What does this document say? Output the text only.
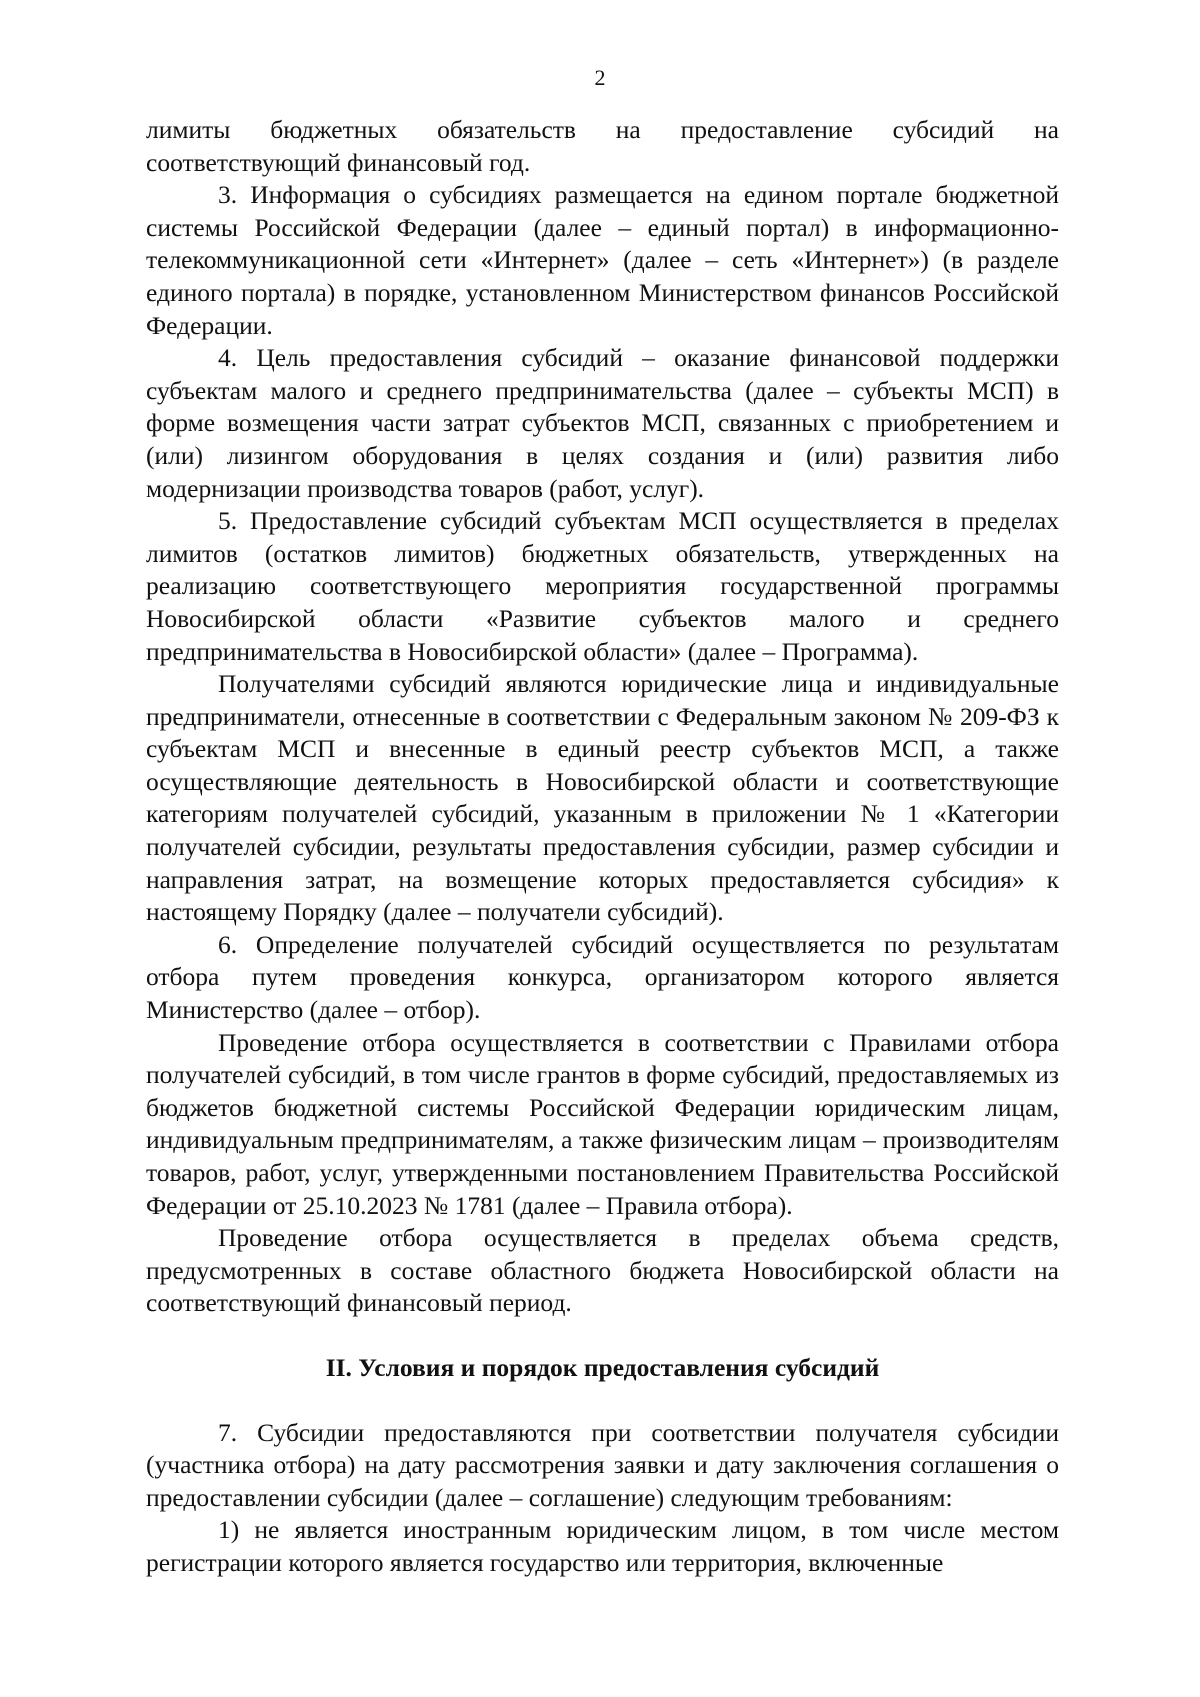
2

лимиты бюджетных обязательств на предоставление субсидий на соответствующий финансовый год.

3. Информация о субсидиях размещается на едином портале бюджетной системы Российской Федерации (далее – единый портал) в информационно-телекоммуникационной сети «Интернет» (далее – сеть «Интернет») (в разделе единого портала) в порядке, установленном Министерством финансов Российской Федерации.

4. Цель предоставления субсидий – оказание финансовой поддержки субъектам малого и среднего предпринимательства (далее – субъекты МСП) в форме возмещения части затрат субъектов МСП, связанных с приобретением и (или) лизингом оборудования в целях создания и (или) развития либо модернизации производства товаров (работ, услуг).

5. Предоставление субсидий субъектам МСП осуществляется в пределах лимитов (остатков лимитов) бюджетных обязательств, утвержденных на реализацию соответствующего мероприятия государственной программы Новосибирской области «Развитие субъектов малого и среднего предпринимательства в Новосибирской области» (далее – Программа).

Получателями субсидий являются юридические лица и индивидуальные предприниматели, отнесенные в соответствии с Федеральным законом № 209-ФЗ к субъектам МСП и внесенные в единый реестр субъектов МСП, а также осуществляющие деятельность в Новосибирской области и соответствующие категориям получателей субсидий, указанным в приложении № 1 «Категории получателей субсидии, результаты предоставления субсидии, размер субсидии и направления затрат, на возмещение которых предоставляется субсидия» к настоящему Порядку (далее – получатели субсидий).

6. Определение получателей субсидий осуществляется по результатам отбора путем проведения конкурса, организатором которого является Министерство (далее – отбор).

Проведение отбора осуществляется в соответствии с Правилами отбора получателей субсидий, в том числе грантов в форме субсидий, предоставляемых из бюджетов бюджетной системы Российской Федерации юридическим лицам, индивидуальным предпринимателям, а также физическим лицам – производителям товаров, работ, услуг, утвержденными постановлением Правительства Российской Федерации от 25.10.2023 № 1781 (далее – Правила отбора).

Проведение отбора осуществляется в пределах объема средств, предусмотренных в составе областного бюджета Новосибирской области на соответствующий финансовый период.

II. Условия и порядок предоставления субсидий

7. Субсидии предоставляются при соответствии получателя субсидии (участника отбора) на дату рассмотрения заявки и дату заключения соглашения о предоставлении субсидии (далее – соглашение) следующим требованиям:

1) не является иностранным юридическим лицом, в том числе местом регистрации которого является государство или территория, включенные
